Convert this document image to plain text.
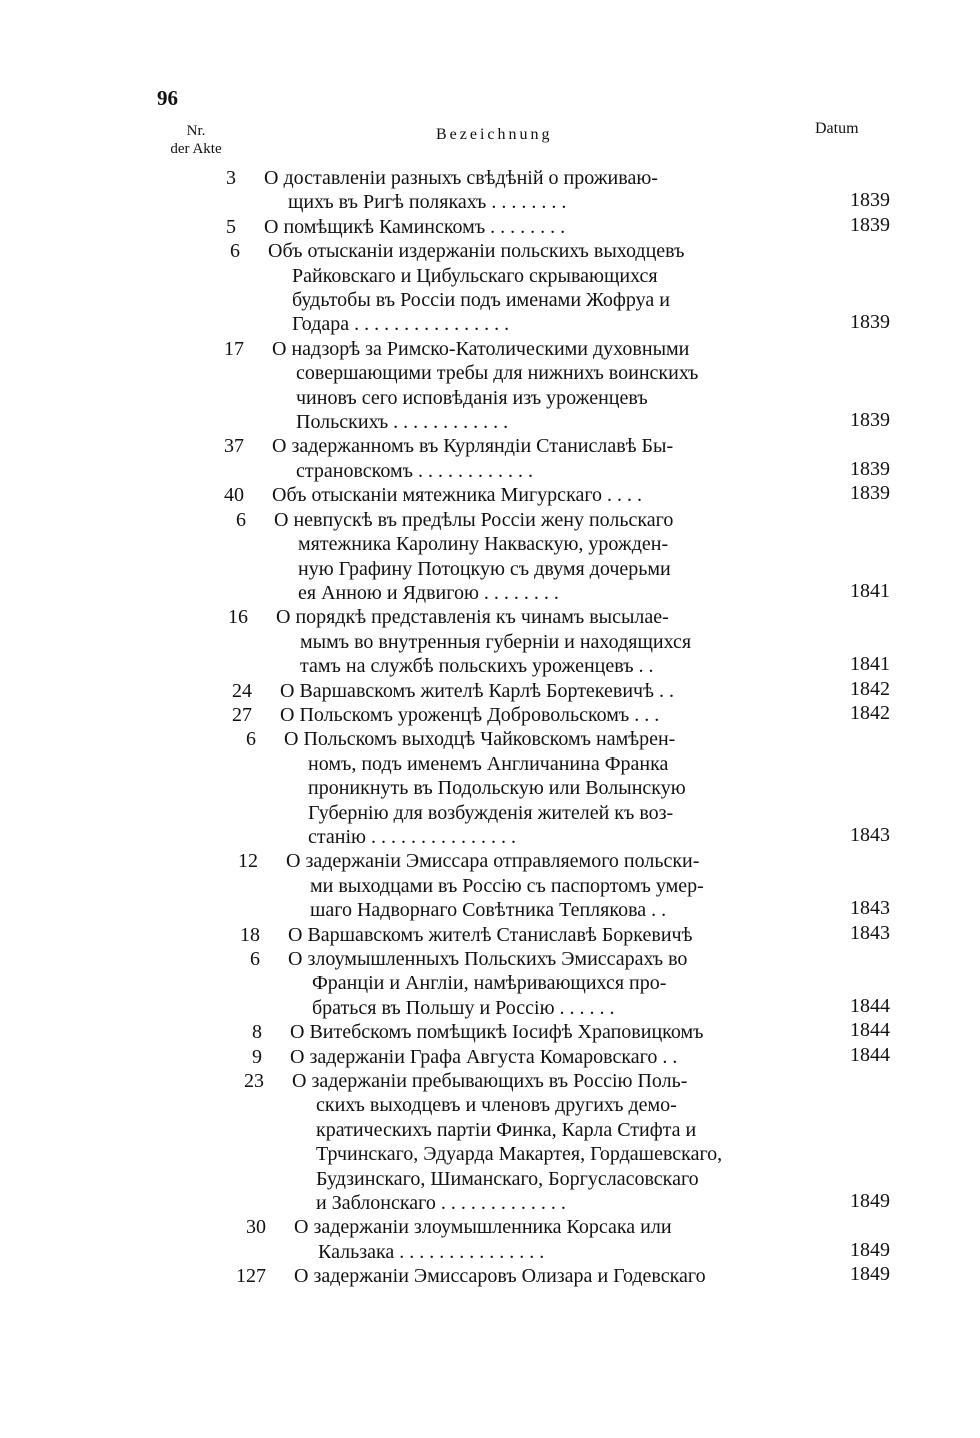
96
Nr.
der Akte
Bezeichnung	Datum
3 О доставленіи разныхъ свѣдѣній о проживаю-
щихъ въ Ригѣ полякахъ . . . . . . . .	1839
5 О помѣщикѣ Каминскомъ . . . . . . . .	1839
6 Объ отысканіи издержаніи польскихъ выходцевъ
Райковскаго и Цибульскаго скрывающихся
будьтобы въ Россіи подъ именами Жофруа и
Годара . . . . . . . . . . . . . . . .	1839
17 О надзорѣ за Римско-Католическими духовными
совершающими требы для нижнихъ воинскихъ
чиновъ сего исповѣданія изъ уроженцевъ
Польскихъ . . . . . . . . . . . .	1839
37 О задержанномъ въ Курляндіи Станиславѣ Бы-
страновскомъ . . . . . . . . . . . .	1839
40 Объ отысканіи мятежника Мигурскаго . . . .	1839
6 О невпускѣ въ предѣлы Россіи жену польскаго
мятежника Каролину Накваскую, урожден-
ную Графину Потоцкую съ двумя дочерьми
ея Анною и Ядвигою . . . . . . . .	1841
16 О порядкѣ представленія къ чинамъ высылае-
мымъ во внутренныя губерніи и находящихся
тамъ на службѣ польскихъ уроженцевъ . .	1841
24 О Варшавскомъ жителѣ Карлѣ Бортекевичѣ . .	1842
27 О Польскомъ уроженцѣ Добровольскомъ . . .	1842
6 О Польскомъ выходцѣ Чайковскомъ намѣрен-
номъ, подъ именемъ Англичанина Франка
проникнуть въ Подольскую или Волынскую
Губернію для возбужденія жителей къ воз-
станію . . . . . . . . . . . . . . .	1843
12 О задержаніи Эмиссара отправляемого польски-
ми выходцами въ Россію съ паспортомъ умер-
шаго Надворнаго Совѣтника Теплякова . .	1843
18 О Варшавскомъ жителѣ Станиславѣ Боркевичѣ	1843
6 О злоумышленныхъ Польскихъ Эмиссарахъ во
Франціи и Англіи, намѣривающихся про-
браться въ Польшу и Россію . . . . . .	1844
8 О Витебскомъ помѣщикѣ Іосифѣ Храповицкомъ	1844
9 О задержаніи Графа Августа Комаровскаго . .	1844
23 О задержаніи пребывающихъ въ Россію Поль-
скихъ выходцевъ и членовъ другихъ демо-
кратическихъ партіи Финка, Карла Стифта и
Трчинскаго, Эдуарда Макартея, Гордашевскаго,
Будзинскаго, Шиманскаго, Боргусласовскаго
и Заблонскаго . . . . . . . . . . . . .	1849
30 О задержаніи злоумышленника Корсака или
Кальзака . . . . . . . . . . . . . . .	1849
127 О задержаніи Эмиссаровъ Олизара и Годевскаго	1849
